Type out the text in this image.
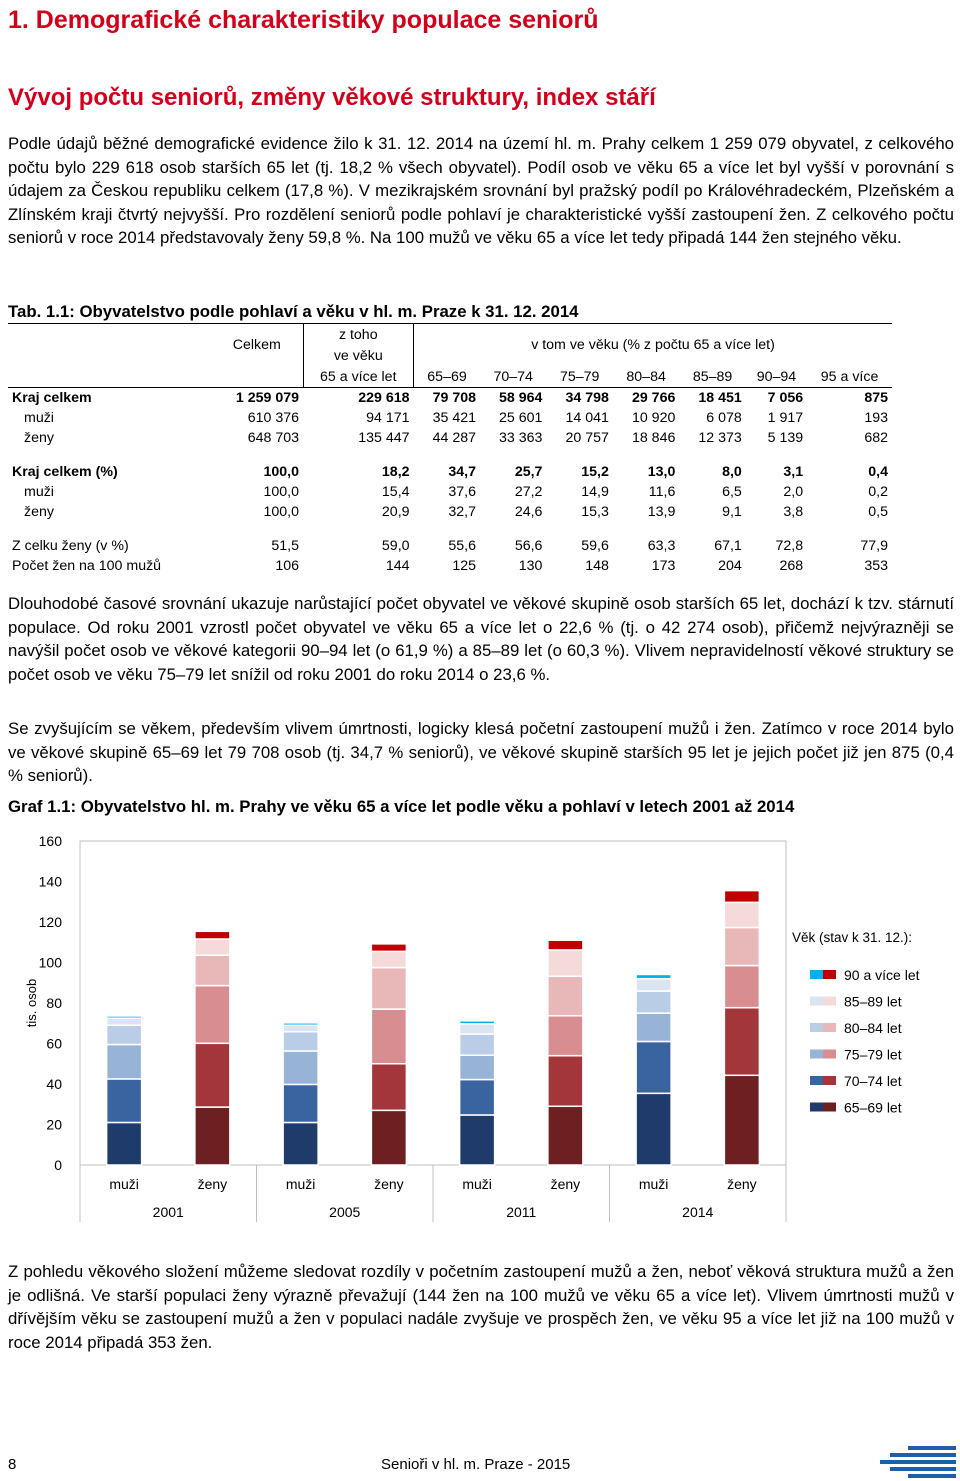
1. Demografické charakteristiky populace seniorů
Vývoj počtu seniorů, změny věkové struktury, index stáří
Podle údajů běžné demografické evidence žilo k 31. 12. 2014 na území hl. m. Prahy celkem 1 259 079 obyvatel, z celkového počtu bylo 229 618 osob starších 65 let (tj. 18,2 % všech obyvatel). Podíl osob ve věku 65 a více let byl vyšší v porovnání s údajem za Českou republiku celkem (17,8 %). V mezikrajském srovnání byl pražský podíl po Královéhradeckém, Plzeňském a Zlínském kraji čtvrtý nejvyšší. Pro rozdělení seniorů podle pohlaví je charakteristické vyšší zastoupení žen. Z celkového počtu seniorů v roce 2014 představovaly ženy 59,8 %. Na 100 mužů ve věku 65 a více let tedy připadá 144 žen stejného věku.
Tab. 1.1: Obyvatelstvo podle pohlaví a věku v hl. m. Praze k 31. 12. 2014
	Celkem	z toho	v tom ve věku (% z počtu 65 a více let)						
		ve věku							
		65 a více let	65–69	70–74	75–79	80–84	85–89	90–94	95 a více
Kraj celkem	1 259 079	229 618	79 708	58 964	34 798	29 766	18 451	7 056	875
muži	610 376	94 171	35 421	25 601	14 041	10 920	6 078	1 917	193
ženy	648 703	135 447	44 287	33 363	20 757	18 846	12 373	5 139	682

Kraj celkem (%)	100,0	18,2	34,7	25,7	15,2	13,0	8,0	3,1	0,4
muži	100,0	15,4	37,6	27,2	14,9	11,6	6,5	2,0	0,2
ženy	100,0	20,9	32,7	24,6	15,3	13,9	9,1	3,8	0,5

Z celku ženy (v %)	51,5	59,0	55,6	56,6	59,6	63,3	67,1	72,8	77,9
Počet žen na 100 mužů	106	144	125	130	148	173	204	268	353
Dlouhodobé časové srovnání ukazuje narůstající počet obyvatel ve věkové skupině osob starších 65 let, dochází k tzv. stárnutí populace. Od roku 2001 vzrostl počet obyvatel ve věku 65 a více let o 22,6 % (tj. o 42 274 osob), přičemž nejvýrazněji se navýšil počet osob ve věkové kategorii 90–94 let (o 61,9 %) a 85–89 let (o 60,3 %). Vlivem nepravidelností věkové struktury se počet osob ve věku 75–79 let snížil od roku 2001 do roku 2014 o 23,6 %.
Se zvyšujícím se věkem, především vlivem úmrtnosti, logicky klesá početní zastoupení mužů i žen. Zatímco v roce 2014 bylo ve věkové skupině 65–69 let 79 708 osob (tj. 34,7 % seniorů), ve věkové skupině starších 95 let je jejich počet již jen 875 (0,4 % seniorů).
Graf 1.1: Obyvatelstvo hl. m. Prahy ve věku 65 a více let podle věku a pohlaví v letech 2001 až 2014
0
20
40
60
80
100
120
140
160
tis. osob
muži	ženy	muži	ženy	muži	ženy	muži	ženy
2001	2005	2011	2014
Věk (stav k 31. 12.):
90 a více let
85–89 let
80–84 let
75–79 let
70–74 let
65–69 let
Z pohledu věkového složení můžeme sledovat rozdíly v početním zastoupení mužů a žen, neboť věková struktura mužů a žen je odlišná. Ve starší populaci ženy výrazně převažují (144 žen na 100 mužů ve věku 65 a více let). Vlivem úmrtnosti mužů v dřívějším věku se zastoupení mužů a žen v populaci nadále zvyšuje ve prospěch žen, ve věku 95 a více let již na 100 mužů v roce 2014 připadá 353 žen.
8	Senioři v hl. m. Praze - 2015
